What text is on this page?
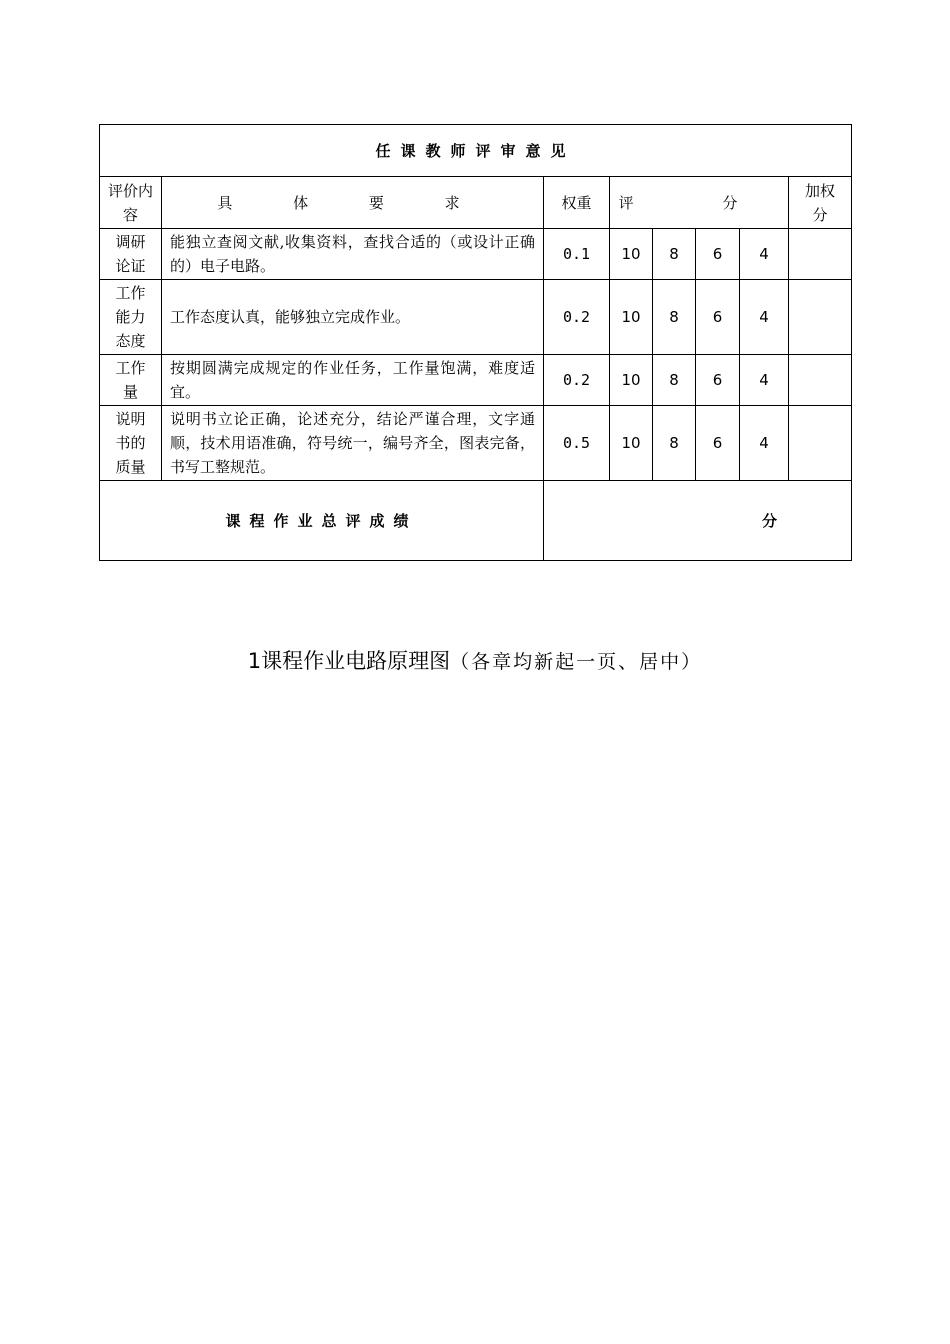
任课教师评审意见							
评价内容	具 体 要 求	权重	评 分				加权分
调研论证	能独立查阅文献,收集资料，查找合适的（或设计正确的）电子电路。	0.1	10	8	6	4	
工作能力态度	工作态度认真，能够独立完成作业。	0.2	10	8	6	4	
工作量	按期圆满完成规定的作业任务，工作量饱满，难度适宜。	0.2	10	8	6	4	
说明书的质量	说明书立论正确，论述充分，结论严谨合理，文字通顺，技术用语准确，符号统一，编号齐全，图表完备，书写工整规范。	0.5	10	8	6	4	
课程作业总评成绩		分					
1课程作业电路原理图（各章均新起一页、居中）
